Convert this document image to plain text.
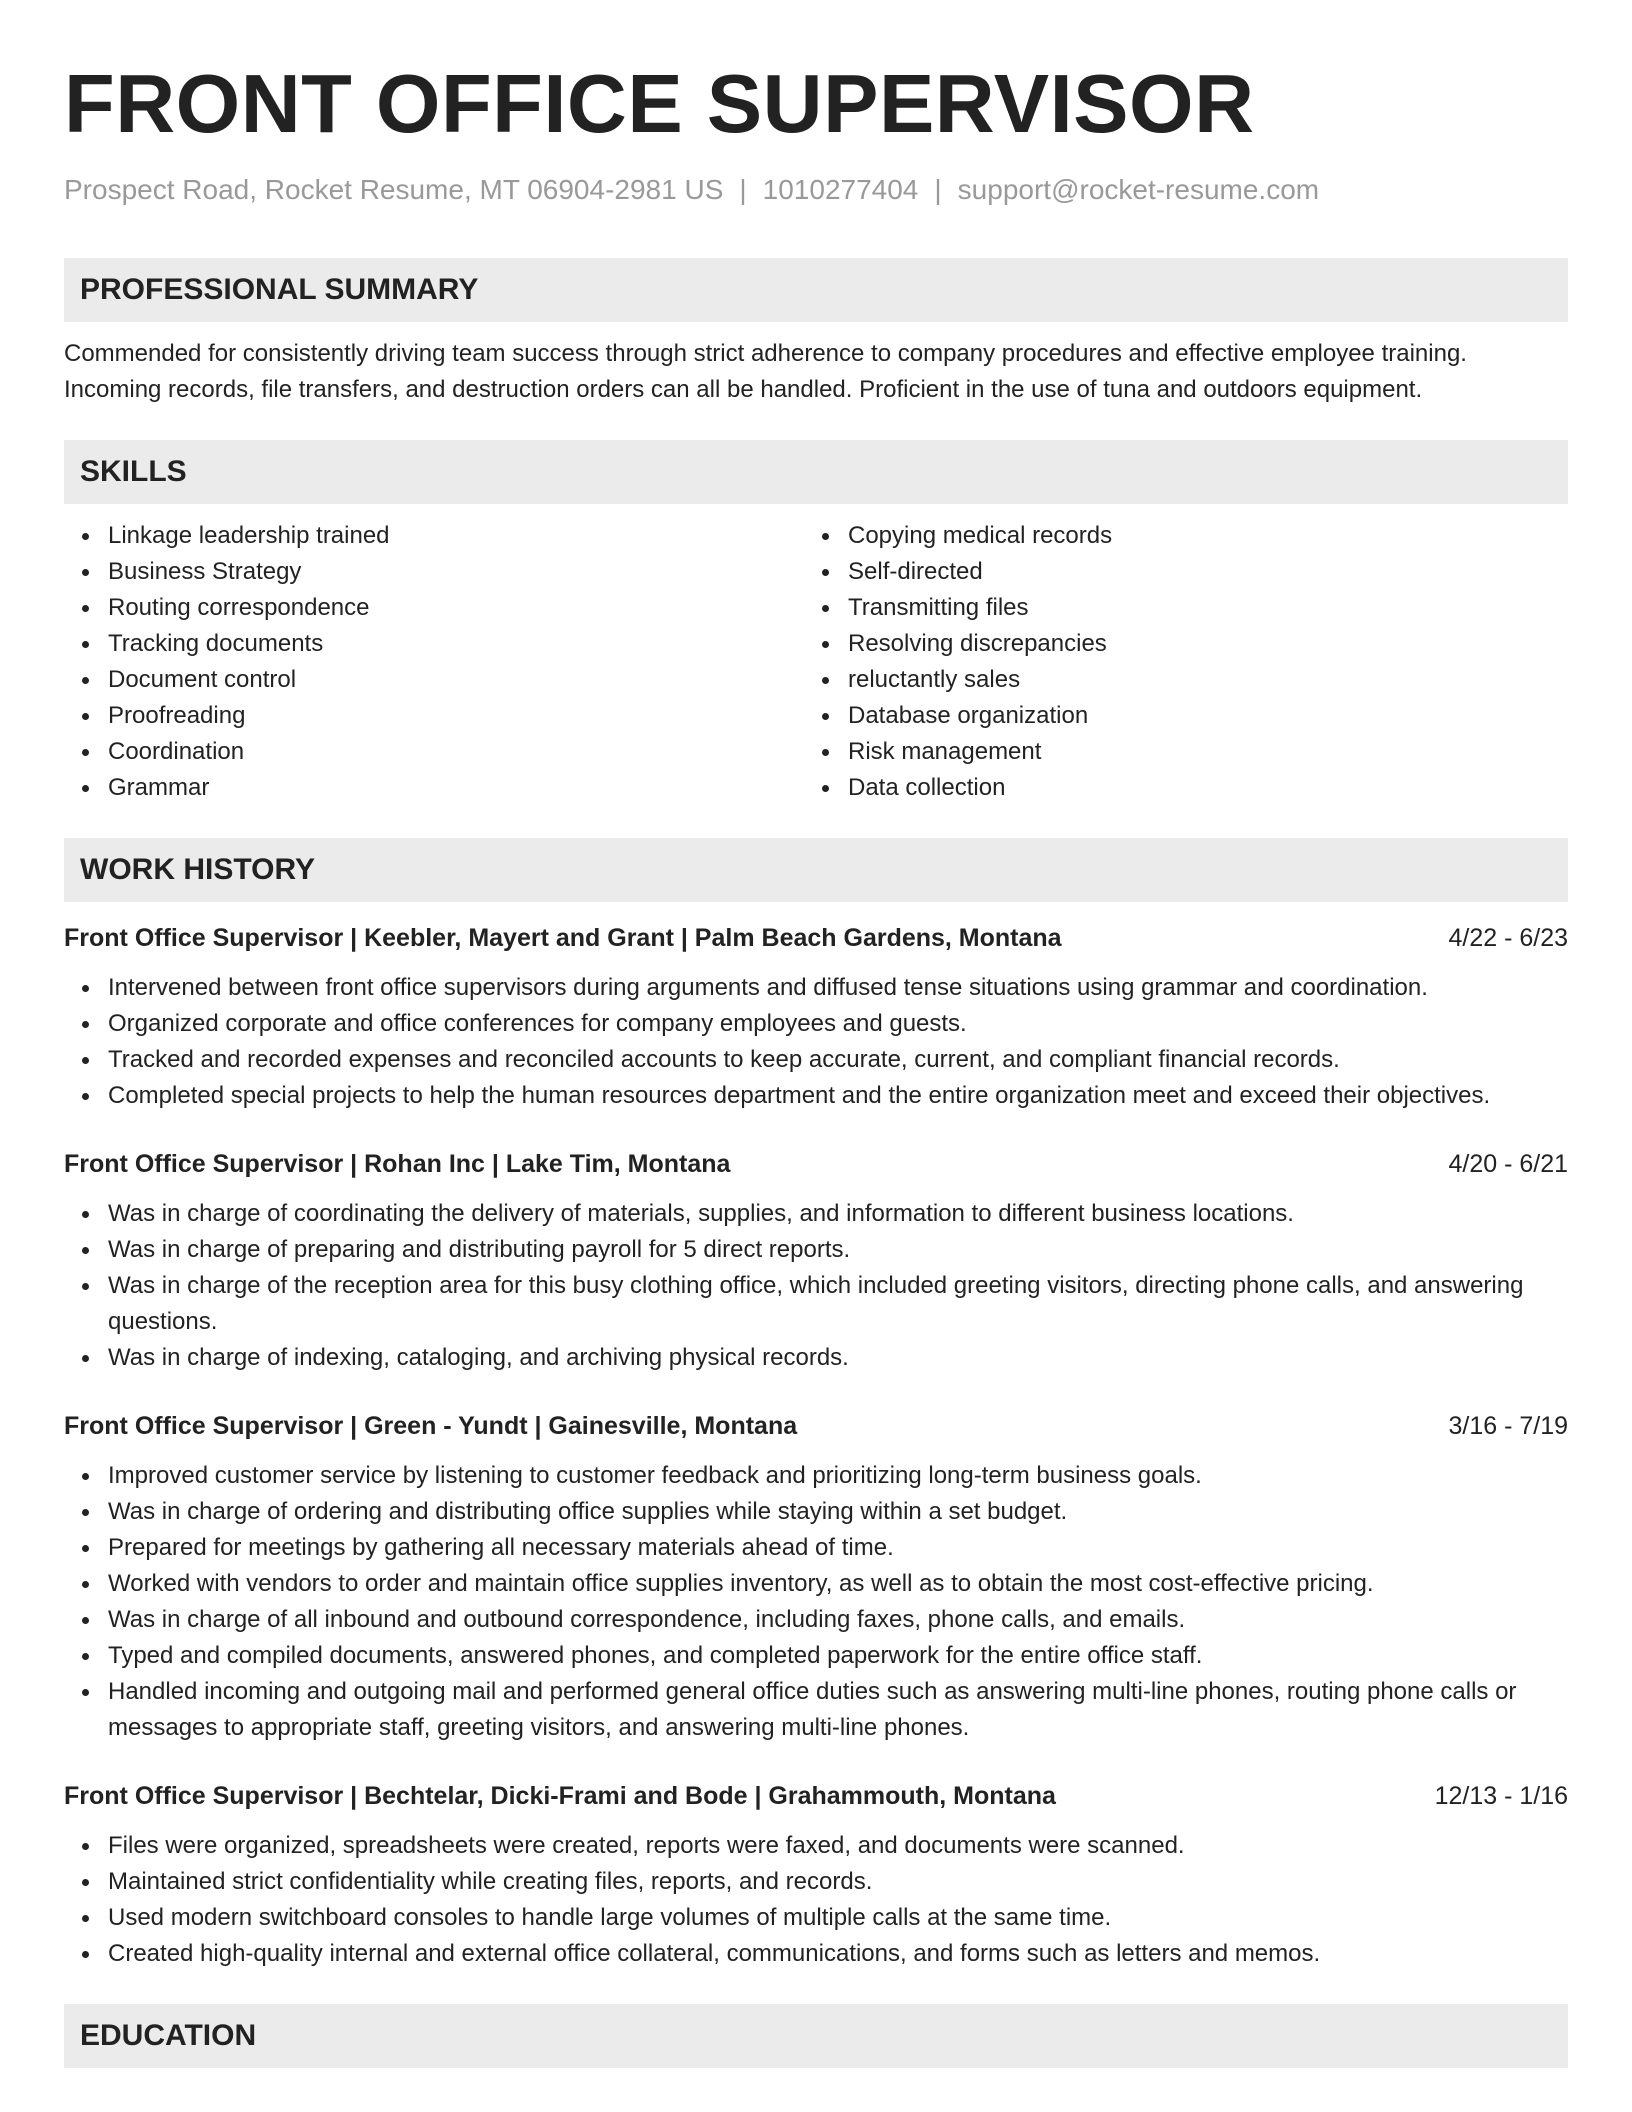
FRONT OFFICE SUPERVISOR
Prospect Road, Rocket Resume, MT 06904-2981 US | 1010277404 | support@rocket-resume.com
PROFESSIONAL SUMMARY
Commended for consistently driving team success through strict adherence to company procedures and effective employee training.
Incoming records, file transfers, and destruction orders can all be handled. Proficient in the use of tuna and outdoors equipment.
SKILLS
Linkage leadership trained
Business Strategy
Routing correspondence
Tracking documents
Document control
Proofreading
Coordination
Grammar
Copying medical records
Self-directed
Transmitting files
Resolving discrepancies
reluctantly sales
Database organization
Risk management
Data collection
WORK HISTORY
Front Office Supervisor | Keebler, Mayert and Grant | Palm Beach Gardens, Montana	4/22 - 6/23
Intervened between front office supervisors during arguments and diffused tense situations using grammar and coordination.
Organized corporate and office conferences for company employees and guests.
Tracked and recorded expenses and reconciled accounts to keep accurate, current, and compliant financial records.
Completed special projects to help the human resources department and the entire organization meet and exceed their objectives.
Front Office Supervisor | Rohan Inc | Lake Tim, Montana	4/20 - 6/21
Was in charge of coordinating the delivery of materials, supplies, and information to different business locations.
Was in charge of preparing and distributing payroll for 5 direct reports.
Was in charge of the reception area for this busy clothing office, which included greeting visitors, directing phone calls, and answering questions.
Was in charge of indexing, cataloging, and archiving physical records.
Front Office Supervisor | Green - Yundt | Gainesville, Montana	3/16 - 7/19
Improved customer service by listening to customer feedback and prioritizing long-term business goals.
Was in charge of ordering and distributing office supplies while staying within a set budget.
Prepared for meetings by gathering all necessary materials ahead of time.
Worked with vendors to order and maintain office supplies inventory, as well as to obtain the most cost-effective pricing.
Was in charge of all inbound and outbound correspondence, including faxes, phone calls, and emails.
Typed and compiled documents, answered phones, and completed paperwork for the entire office staff.
Handled incoming and outgoing mail and performed general office duties such as answering multi-line phones, routing phone calls or messages to appropriate staff, greeting visitors, and answering multi-line phones.
Front Office Supervisor | Bechtelar, Dicki-Frami and Bode | Grahammouth, Montana	12/13 - 1/16
Files were organized, spreadsheets were created, reports were faxed, and documents were scanned.
Maintained strict confidentiality while creating files, reports, and records.
Used modern switchboard consoles to handle large volumes of multiple calls at the same time.
Created high-quality internal and external office collateral, communications, and forms such as letters and memos.
EDUCATION
